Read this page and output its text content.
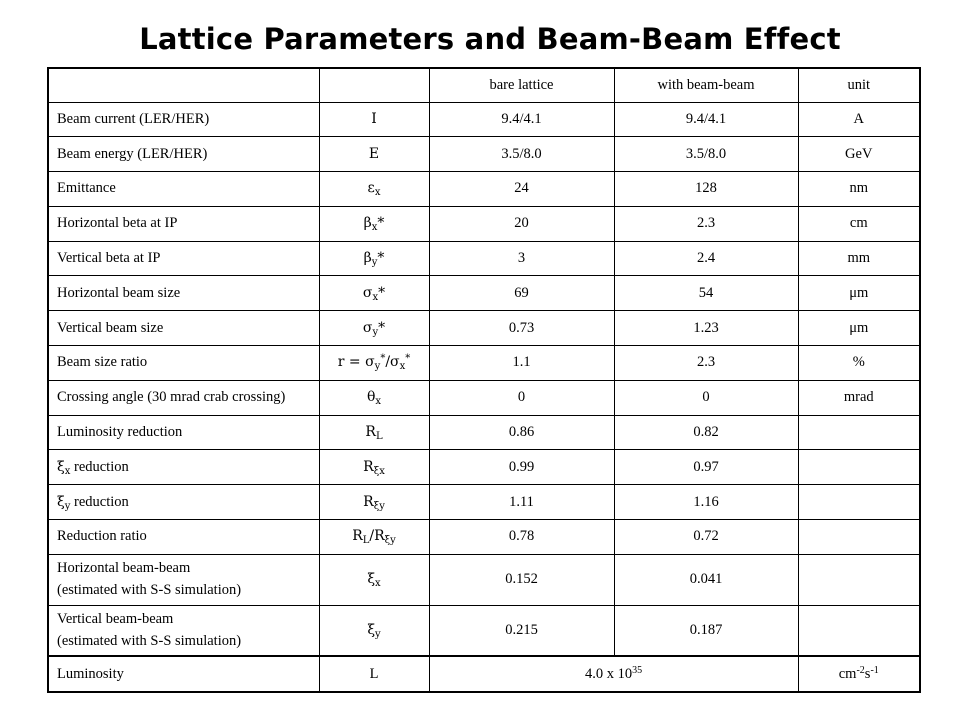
Lattice Parameters and Beam-Beam Effect
		bare lattice	with beam-beam	unit
Beam current (LER/HER)	I	9.4/4.1	9.4/4.1	A
Beam energy (LER/HER)	E	3.5/8.0	3.5/8.0	GeV
Emittance	$\varepsilon_x$	24	128	nm
Horizontal beta at IP	$\beta_x*$	20	2.3	cm
Vertical beta at IP	$\beta_y*$	3	2.4	mm
Horizontal beam size	$\sigma_x*$	69	54	μm
Vertical beam size	$\sigma_y*$	0.73	1.23	μm
Beam size ratio	$r = \sigma_y^*/\sigma_x^*$	1.1	2.3	%
Crossing angle (30 mrad crab crossing)	$\theta_x$	0	0	mrad
Luminosity reduction	$R_L$	0.86	0.82	
$\xi_x$ reduction	$R_{\xi x}$	0.99	0.97	
$\xi_y$ reduction	$R_{\xi y}$	1.11	1.16	
Reduction ratio	$R_L/R_{\xi y}$	0.78	0.72	

Horizontal beam-beam
(estimated with S-S simulation)	$\xi_x$	0.152	0.041	

Vertical beam-beam
(estimated with S-S simulation)	$\xi_y$	0.215	0.187	
Luminosity	L	4.0 x $10^{35}$		$cm^{-2}s^{-1}$
